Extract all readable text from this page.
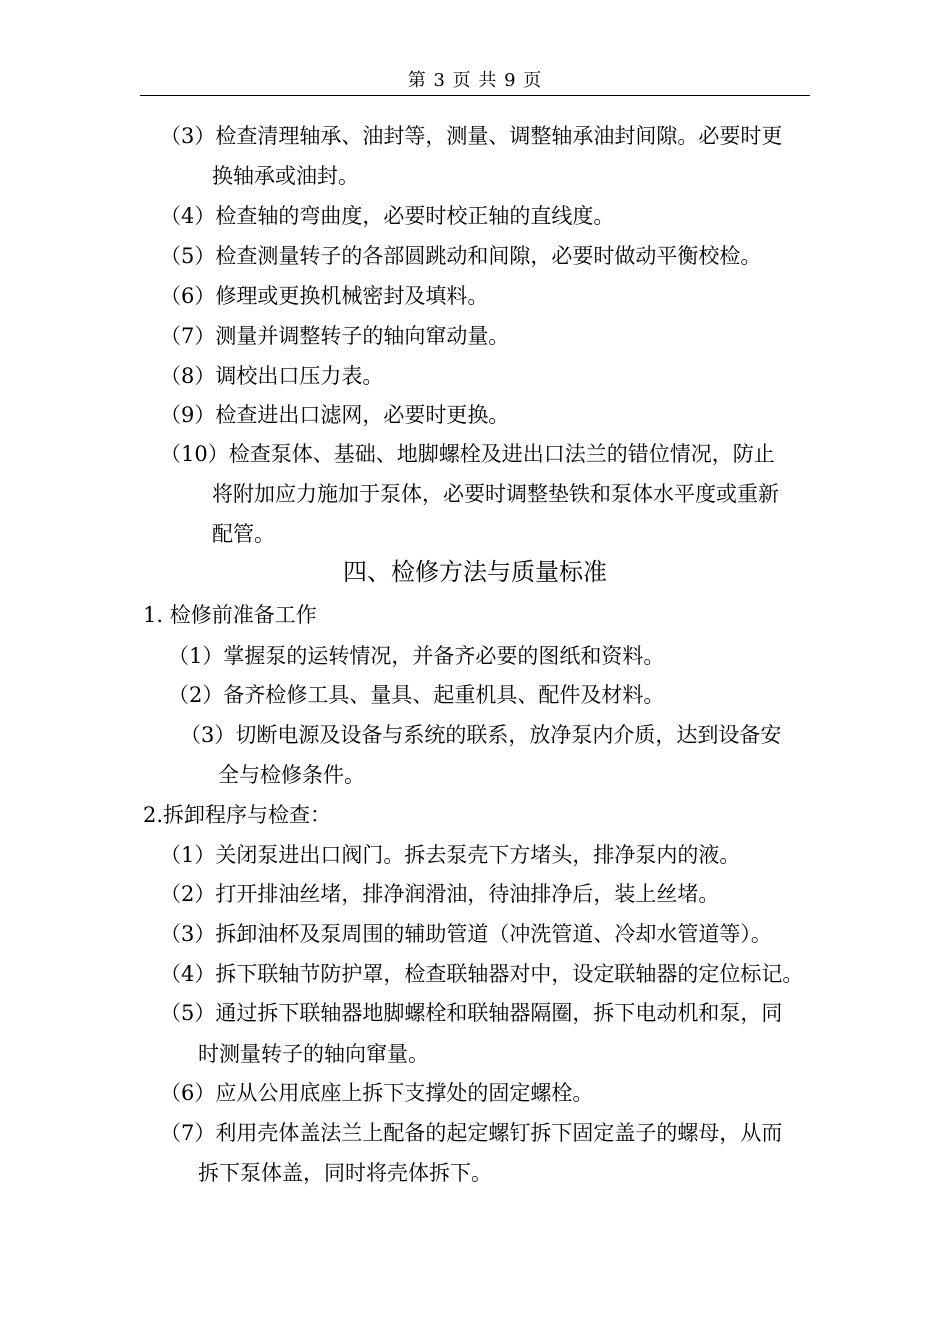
第 3 页 共 9 页
（3）检查清理轴承、油封等，测量、调整轴承油封间隙。必要时更
换轴承或油封。
（4）检查轴的弯曲度，必要时校正轴的直线度。
（5）检查测量转子的各部圆跳动和间隙，必要时做动平衡校检。
（6）修理或更换机械密封及填料。
（7）测量并调整转子的轴向窜动量。
（8）调校出口压力表。
（9）检查进出口滤网，必要时更换。
（10）检查泵体、基础、地脚螺栓及进出口法兰的错位情况，防止
将附加应力施加于泵体，必要时调整垫铁和泵体水平度或重新
配管。
四、检修方法与质量标准
1. 检修前准备工作
（1）掌握泵的运转情况，并备齐必要的图纸和资料。
（2）备齐检修工具、量具、起重机具、配件及材料。
（3）切断电源及设备与系统的联系，放净泵内介质，达到设备安
全与检修条件。
2.拆卸程序与检查：
（1）关闭泵进出口阀门。拆去泵壳下方堵头，排净泵内的液。
（2）打开排油丝堵，排净润滑油，待油排净后，装上丝堵。
（3）拆卸油杯及泵周围的辅助管道（冲洗管道、冷却水管道等）。
（4）拆下联轴节防护罩，检查联轴器对中，设定联轴器的定位标记。
（5）通过拆下联轴器地脚螺栓和联轴器隔圈，拆下电动机和泵，同
时测量转子的轴向窜量。
（6）应从公用底座上拆下支撑处的固定螺栓。
（7）利用壳体盖法兰上配备的起定螺钉拆下固定盖子的螺母，从而
拆下泵体盖，同时将壳体拆下。
